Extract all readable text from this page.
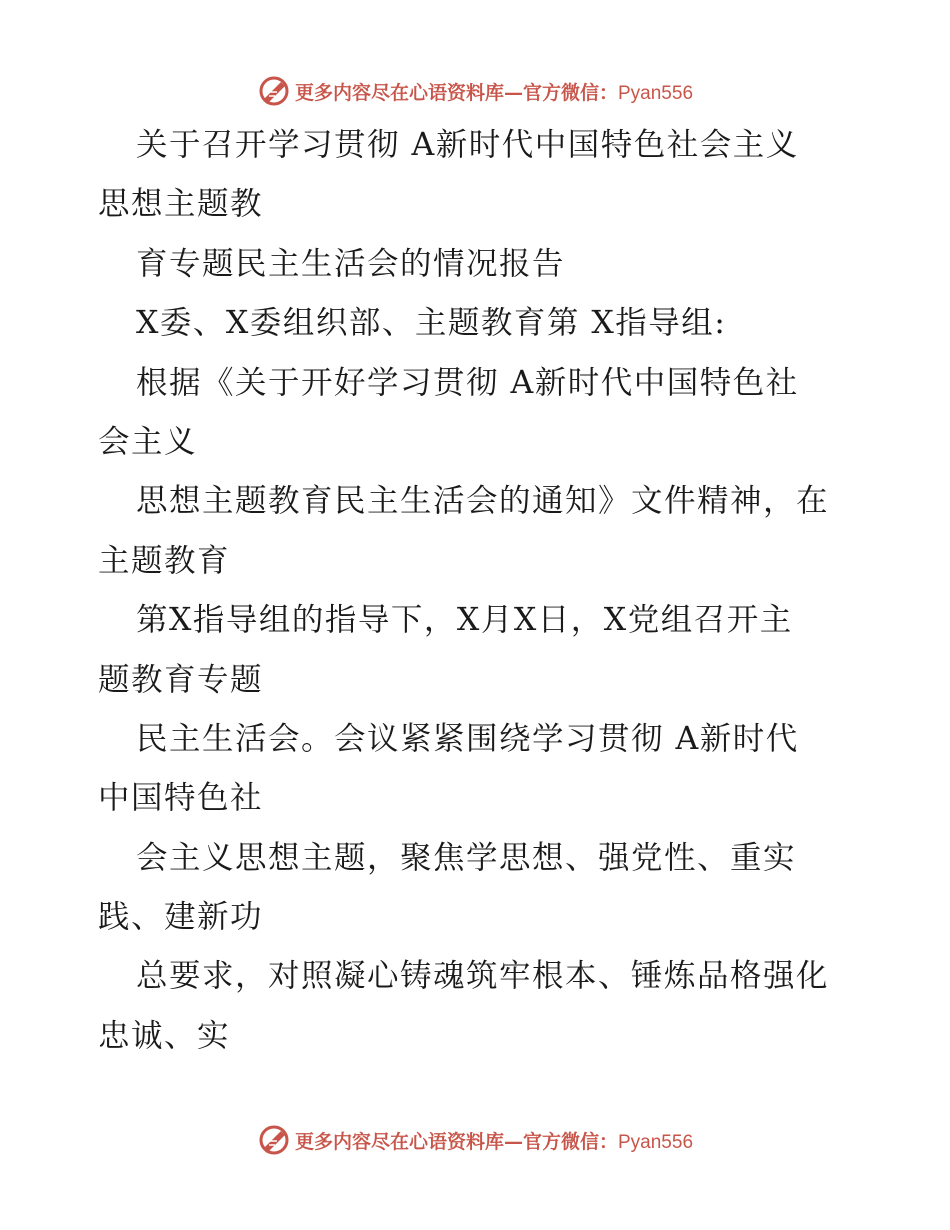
更多内容尽在心语资料库—官方微信：Pyan556
关于召开学习贯彻 A新时代中国特色社会主义
思想主题教
育专题民主生活会的情况报告
X委、X委组织部、主题教育第 X指导组:
根据《关于开好学习贯彻 A新时代中国特色社
会主义
思想主题教育民主生活会的通知》文件精神，在
主题教育
第X指导组的指导下，X月X日，X党组召开主
题教育专题
民主生活会。会议紧紧围绕学习贯彻 A新时代
中国特色社
会主义思想主题，聚焦学思想、强党性、重实
践、建新功
总要求，对照凝心铸魂筑牢根本、锤炼品格强化
忠诚、实
更多内容尽在心语资料库—官方微信：Pyan556
